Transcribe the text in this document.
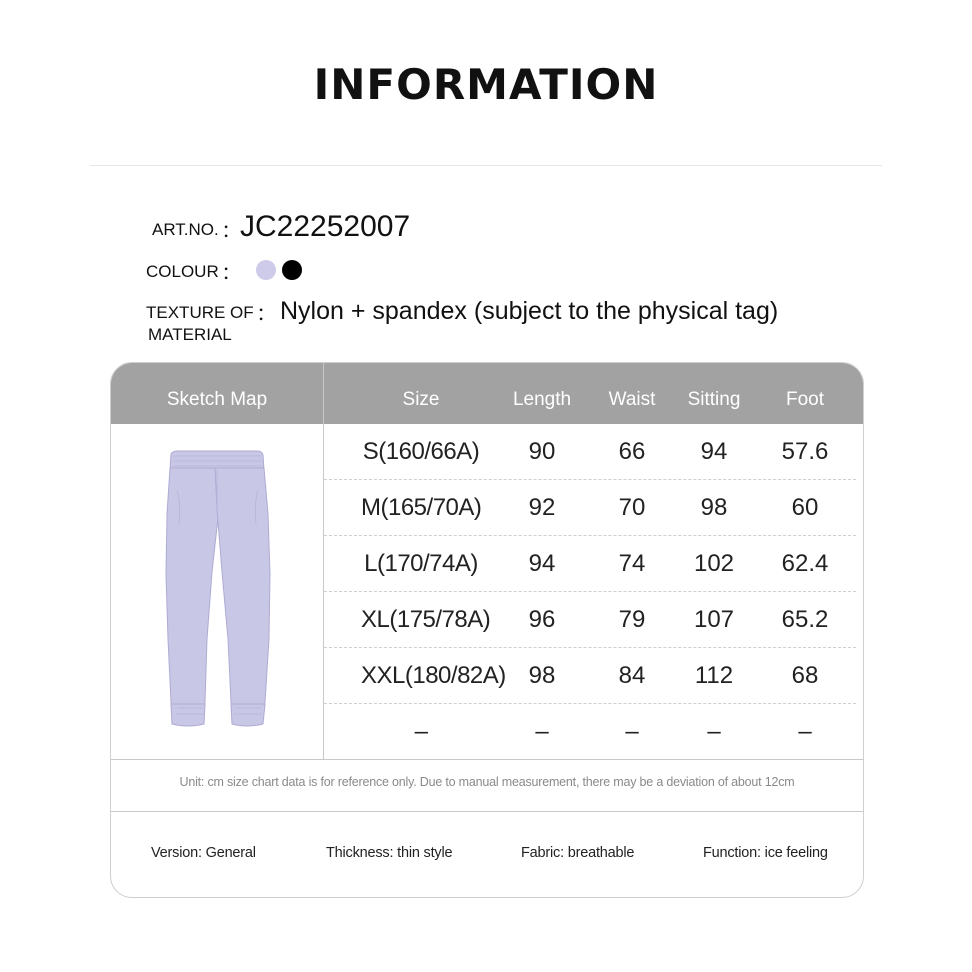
INFORMATION
ART.NO. ：
JC22252007
COLOUR ：
TEXTURE OF
MATERIAL
： Nylon + spandex (subject to the physical tag)
Sketch Map	Size	Length	Waist	Sitting	Foot
S(160/66A)	90	66	94	57.6
M(165/70A)	92	70	98	60
L(170/74A)	94	74	102	62.4
XL(175/78A)	96	79	107	65.2
XXL(180/82A) 98	84	112	68
–	–	–	–	–
Unit: cm size chart data is for reference only. Due to manual measurement, there may be a deviation of about 12cm
Version: General	Thickness: thin style	Fabric: breathable	Function: ice feeling
